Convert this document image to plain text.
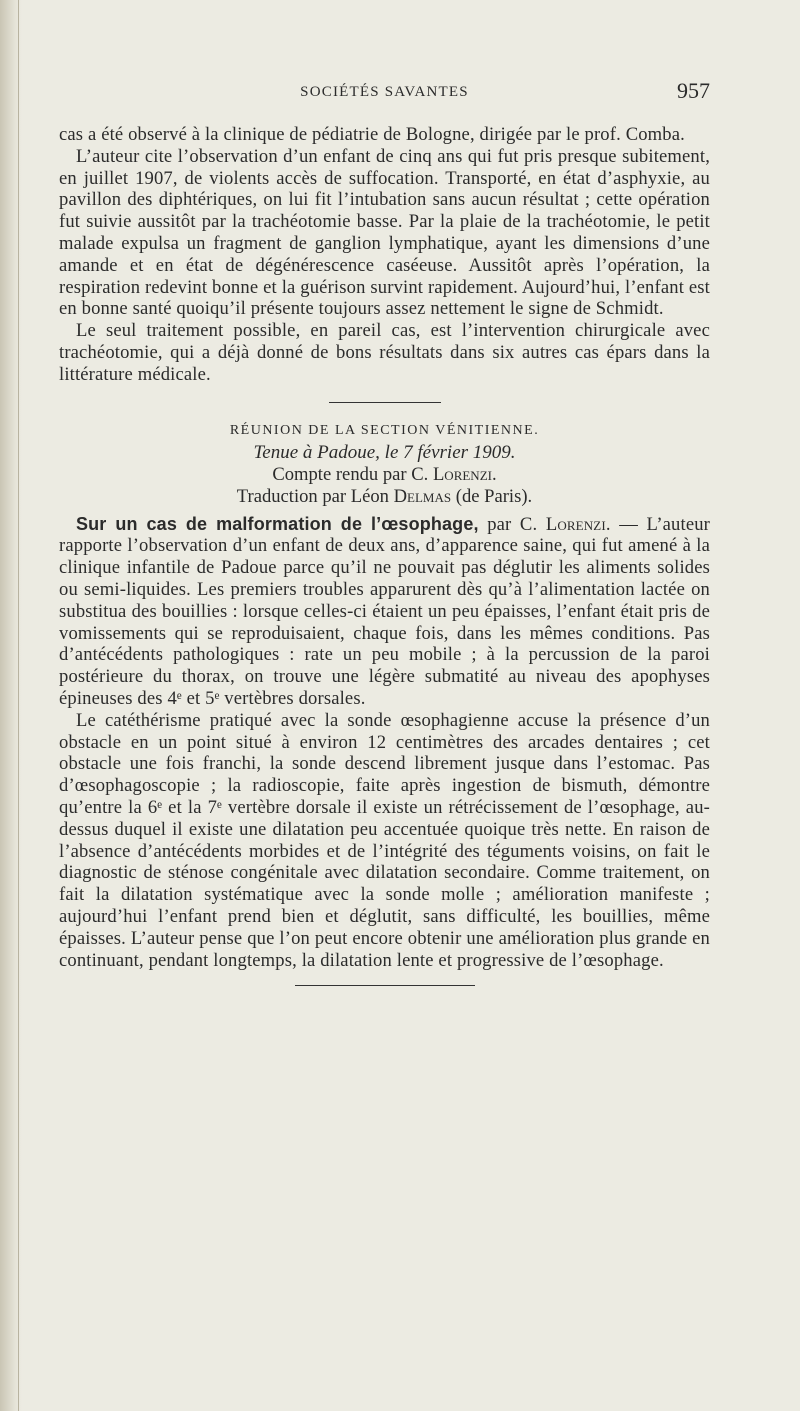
SOCIÉTÉS SAVANTES	957

cas a été observé à la clinique de pédiatrie de Bologne, dirigée par le prof. Comba.

L’auteur cite l’observation d’un enfant de cinq ans qui fut pris presque subitement, en juillet 1907, de violents accès de suffocation. Transporté, en état d’asphyxie, au pavillon des diphtériques, on lui fit l’intubation sans aucun résultat ; cette opération fut suivie aussitôt par la trachéotomie basse. Par la plaie de la trachéotomie, le petit malade expulsa un fragment de ganglion lymphatique, ayant les dimensions d’une amande et en état de dégénérescence caséeuse. Aussitôt après l’opération, la respiration redevint bonne et la guérison survint rapidement. Aujourd’hui, l’enfant est en bonne santé quoiqu’il présente toujours assez nettement le signe de Schmidt.

Le seul traitement possible, en pareil cas, est l’intervention chirurgicale avec trachéotomie, qui a déjà donné de bons résultats dans six autres cas épars dans la littérature médicale.

RÉUNION DE LA SECTION VÉNITIENNE.
Tenue à Padoue, le 7 février 1909.
Compte rendu par C. Lorenzi.
Traduction par Léon Delmas (de Paris).

Sur un cas de malformation de l’œsophage, par C. Lorenzi. — L’auteur rapporte l’observation d’un enfant de deux ans, d’apparence saine, qui fut amené à la clinique infantile de Padoue parce qu’il ne pouvait pas déglutir les aliments solides ou semi-liquides. Les premiers troubles apparurent dès qu’à l’alimentation lactée on substitua des bouillies : lorsque celles-ci étaient un peu épaisses, l’enfant était pris de vomissements qui se reproduisaient, chaque fois, dans les mêmes conditions. Pas d’antécédents pathologiques : rate un peu mobile ; à la percussion de la paroi postérieure du thorax, on trouve une légère submatité au niveau des apophyses épineuses des 4ᵉ et 5ᵉ vertèbres dorsales.

Le catéthérisme pratiqué avec la sonde œsophagienne accuse la présence d’un obstacle en un point situé à environ 12 centimètres des arcades dentaires ; cet obstacle une fois franchi, la sonde descend librement jusque dans l’estomac. Pas d’œsophagoscopie ; la radioscopie, faite après ingestion de bismuth, démontre qu’entre la 6ᵉ et la 7ᵉ vertèbre dorsale il existe un rétrécissement de l’œsophage, au-dessus duquel il existe une dilatation peu accentuée quoique très nette. En raison de l’absence d’antécédents morbides et de l’intégrité des téguments voisins, on fait le diagnostic de sténose congénitale avec dilatation secondaire. Comme traitement, on fait la dilatation systématique avec la sonde molle ; amélioration manifeste ; aujourd’hui l’enfant prend bien et déglutit, sans difficulté, les bouillies, même épaisses. L’auteur pense que l’on peut encore obtenir une amélioration plus grande en continuant, pendant longtemps, la dilatation lente et progressive de l’œsophage.
